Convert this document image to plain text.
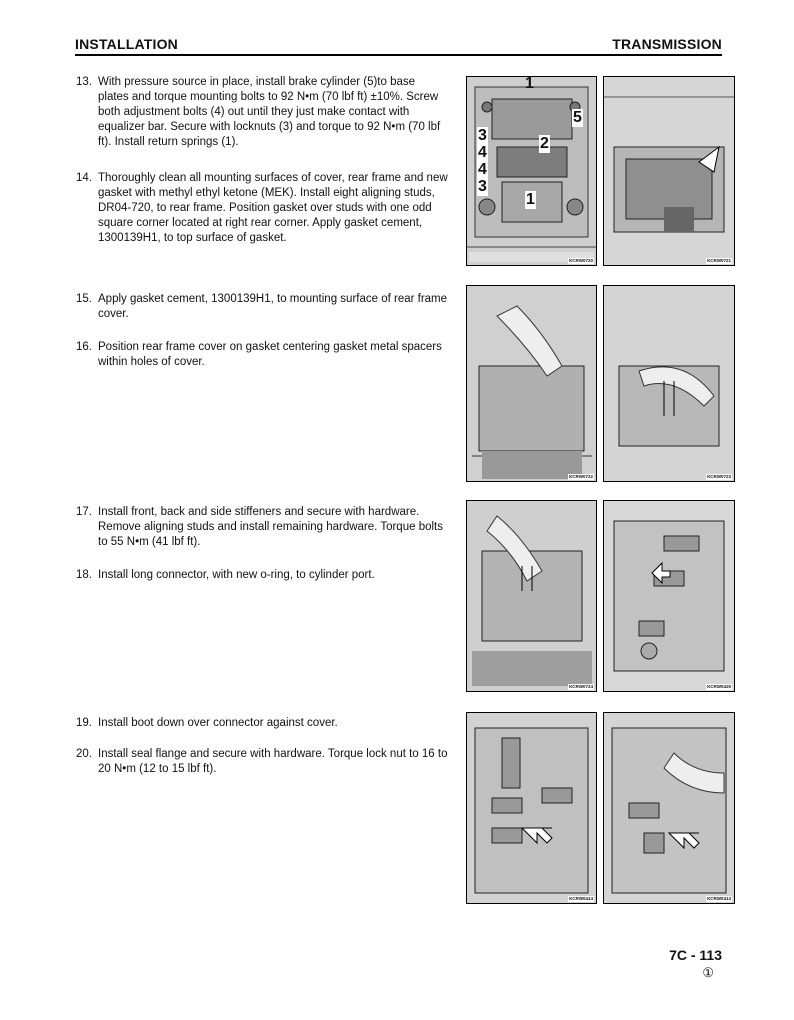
INSTALLATION	TRANSMISSION
13. With pressure source in place, install brake cylinder (5)to base plates and torque mounting bolts to 92 N•m (70 lbf ft) ±10%. Screw both adjustment bolts (4) out until they just make contact with equalizer bar. Secure with locknuts (3) and torque to 92 N•m (70 lbf ft). Install return springs (1).
14. Thoroughly clean all mounting surfaces of cover, rear frame and new gasket with methyl ethyl ketone (MEK). Install eight aligning studs, DR04-720, to rear frame. Position gasket over studs with one odd square corner located at right rear corner. Apply gasket cement, 1300139H1, to top surface of gasket.
15. Apply gasket cement, 1300139H1, to mounting surface of rear frame cover.
16. Position rear frame cover on gasket centering gasket metal spacers within holes of cover.
17. Install front, back and side stiffeners and secure with hardware. Remove aligning studs and install remaining hardware. Torque bolts to 55 N•m (41 lbf ft).
18. Install long connector, with new o-ring, to cylinder port.
19. Install boot down over connector against cover.
20. Install seal flange and secure with hardware. Torque lock nut to 16 to 20 N•m (12 to 15 lbf ft).
1
5
3	2
4
4
3
1
KCRW0720	KCRW0721
KCRW0722	KCRW0723
KCRW0724	KCRW0425
KCRW0414	KCRW0413
7C - 113
①
